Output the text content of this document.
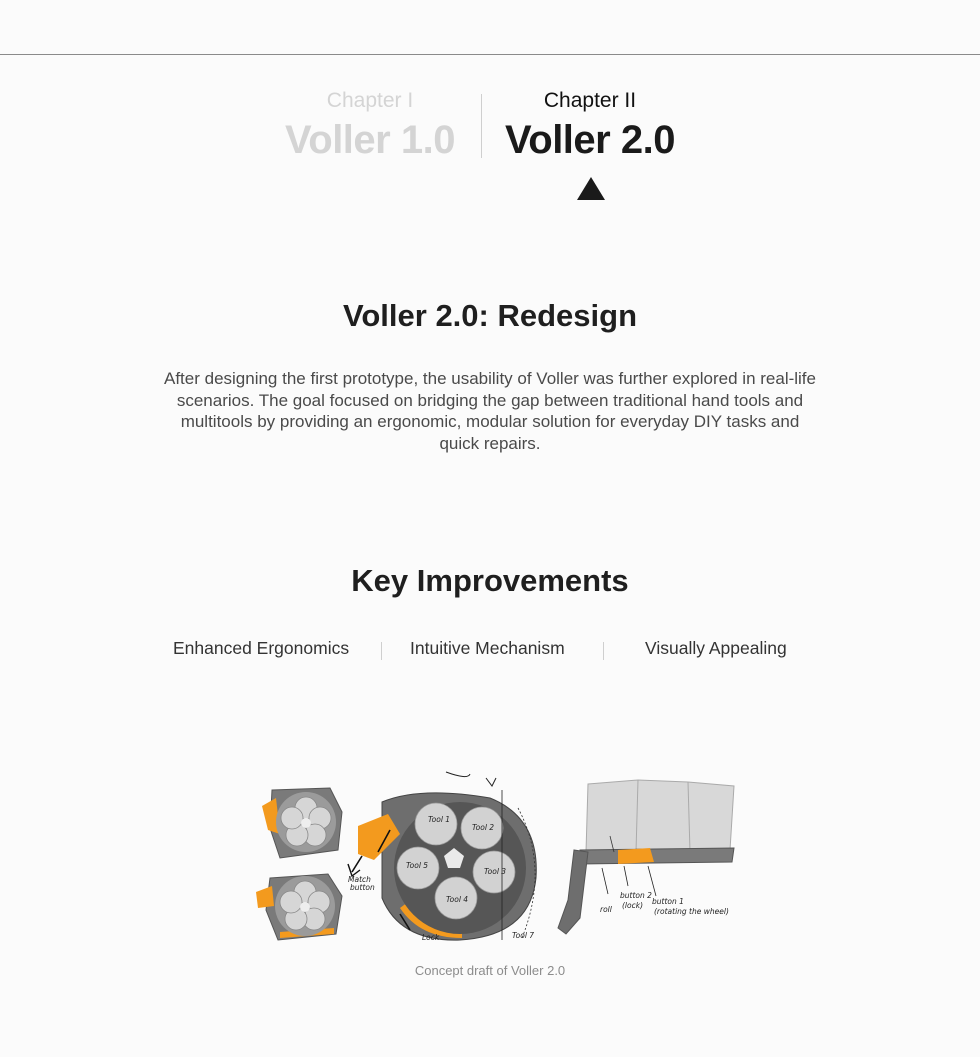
Chapter I
Voller 1.0
Chapter II
Voller 2.0
Voller 2.0: Redesign

After designing the first prototype, the usability of Voller was further explored in real-life scenarios. The goal focused on bridging the gap between traditional hand tools and multitools by providing an ergonomic, modular solution for everyday DIY tasks and quick repairs.

Key Improvements
Enhanced Ergonomics	Intuitive Mechanism	Visually Appealing
Tool 1
Tool 2
Tool 3
Tool 4
Tool 5
Tool 7
Match
button
Lock
roll
button 2
(lock) button 1
(rotating the wheel)

Concept draft of Voller 2.0
